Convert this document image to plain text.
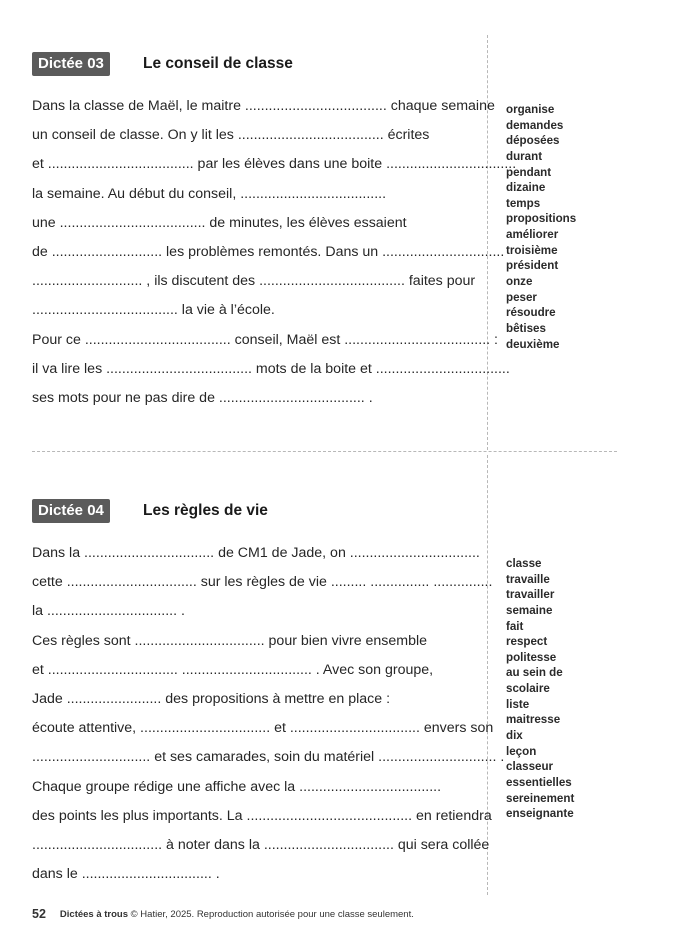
Dictée 03	Le conseil de classe
Dans la classe de Maël, le maitre .................................... chaque semaine
un conseil de classe. On y lit les ..................................... écrites
et ..................................... par les élèves dans une boite .................................
la semaine. Au début du conseil, .....................................
une ..................................... de minutes, les élèves essaient
de ............................ les problèmes remontés. Dans un ...............................
............................ , ils discutent des ..................................... faites pour
..................................... la vie à l’école.
Pour ce ..................................... conseil, Maël est ..................................... :
il va lire les ..................................... mots de la boite et ..................................
ses mots pour ne pas dire de ..................................... .
organise
demandes
déposées
durant
pendant
dizaine
temps
propositions
améliorer
troisième
président
onze
peser
résoudre
bêtises
deuxième
Dictée 04	Les règles de vie
Dans la ................................. de CM1 de Jade, on .................................
cette ................................. sur les règles de vie ......... ............... ...............
la ................................. .
Ces règles sont ................................. pour bien vivre ensemble
et ................................. ................................. . Avec son groupe,
Jade ........................ des propositions à mettre en place :
écoute attentive, ................................. et ................................. envers son
.............................. et ses camarades, soin du matériel .............................. .
Chaque groupe rédige une affiche avec la ....................................
des points les plus importants. La .......................................... en retiendra
................................. à noter dans la ................................. qui sera collée
dans le ................................. .
classe
travaille
travailler
semaine
fait
respect
politesse
au sein de
scolaire
liste
maitresse
dix
leçon
classeur
essentielles
sereinement
enseignante
52 Dictées à trous © Hatier, 2025. Reproduction autorisée pour une classe seulement.
